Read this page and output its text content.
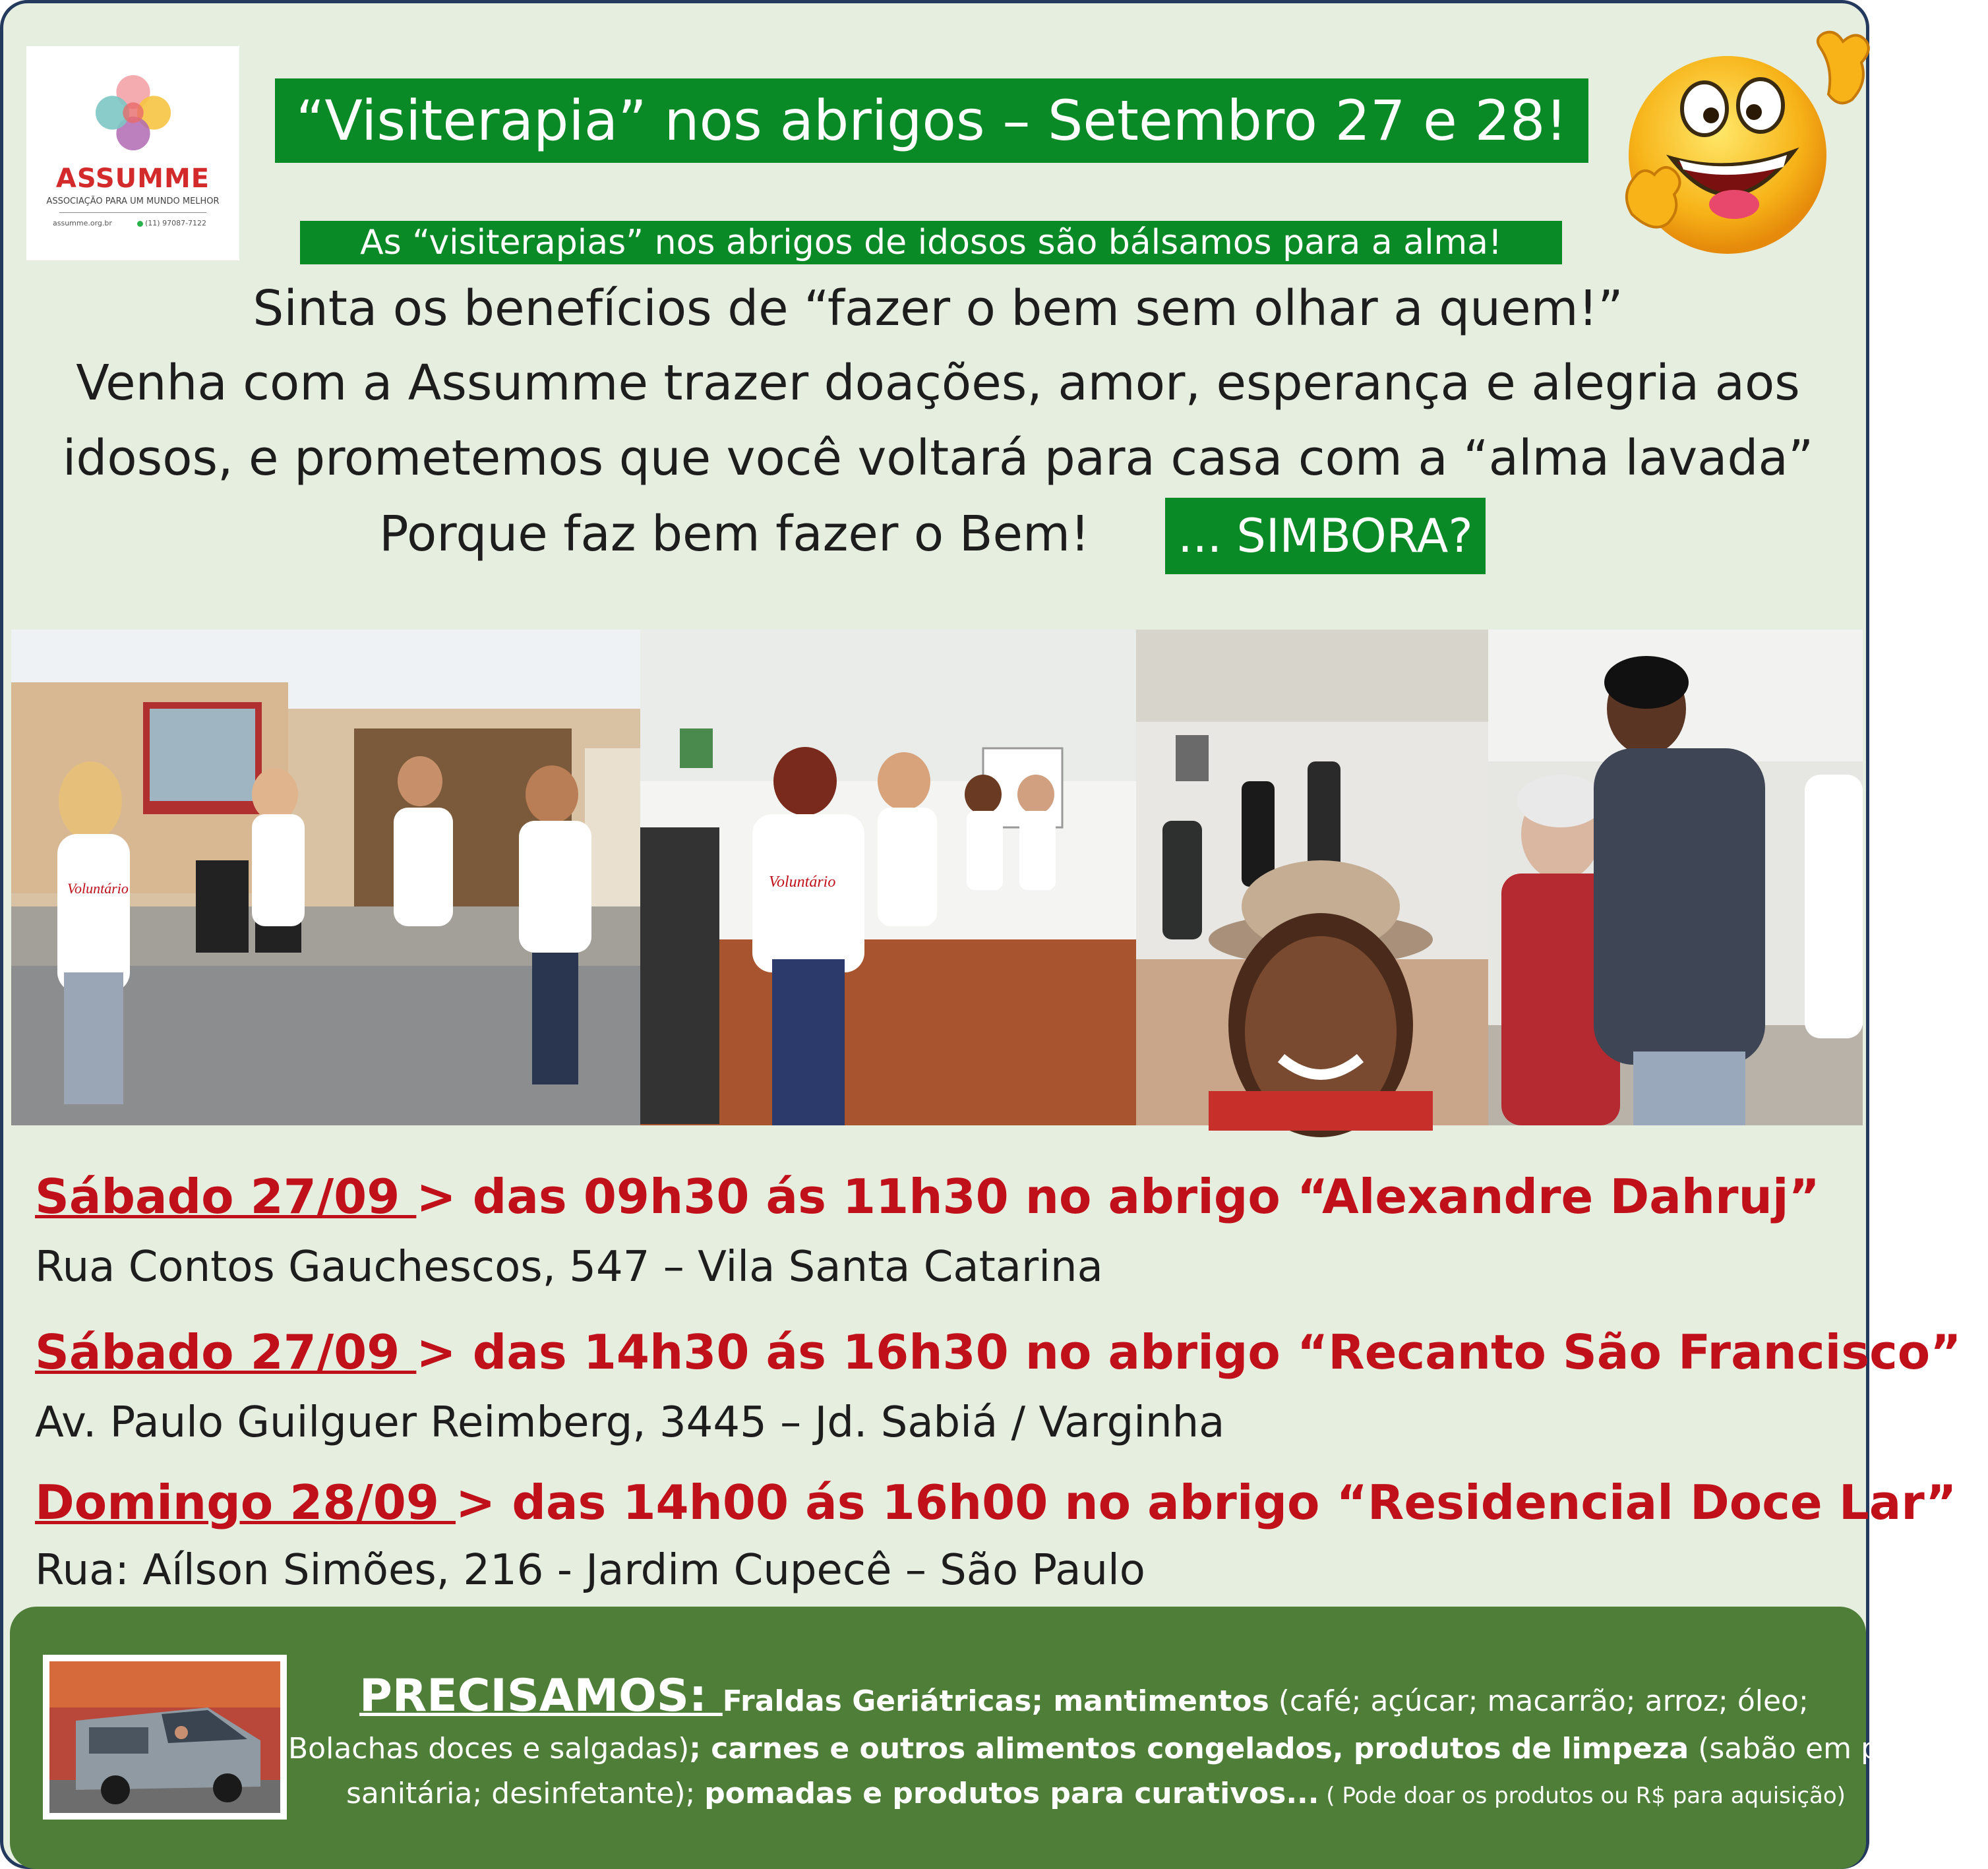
ASSUMME
ASSOCIAÇÃO PARA UM MUNDO MELHOR
assumme.org.br	(11) 97087-7122
“Visiterapia” nos abrigos – Setembro 27 e 28!
As “visiterapias” nos abrigos de idosos são bálsamos para a alma!
Sinta os benefícios de “fazer o bem sem olhar a quem!”
Venha com a Assumme trazer doações, amor, esperança e alegria aos
idosos, e prometemos que você voltará para casa com a “alma lavada”
Porque faz bem fazer o Bem! ... SIMBORA?
Voluntário	Voluntário
Sábado 27/09 > das 09h30 ás 11h30 no abrigo “Alexandre Dahruj”
Rua Contos Gauchescos, 547 – Vila Santa Catarina
Sábado 27/09 > das 14h30 ás 16h30 no abrigo “Recanto São Francisco”
Av. Paulo Guilguer Reimberg, 3445 – Jd. Sabiá / Varginha
Domingo 28/09 > das 14h00 ás 16h00 no abrigo “Residencial Doce Lar”
Rua: Aílson Simões, 216 - Jardim Cupecê – São Paulo
PRECISAMOS: Fraldas Geriátricas; mantimentos (café; açúcar; macarrão; arroz; óleo;
Bolachas doces e salgadas); carnes e outros alimentos congelados, produtos de limpeza (sabão em pó; água
sanitária; desinfetante); pomadas e produtos para curativos... ( Pode doar os produtos ou R$ para aquisição)
